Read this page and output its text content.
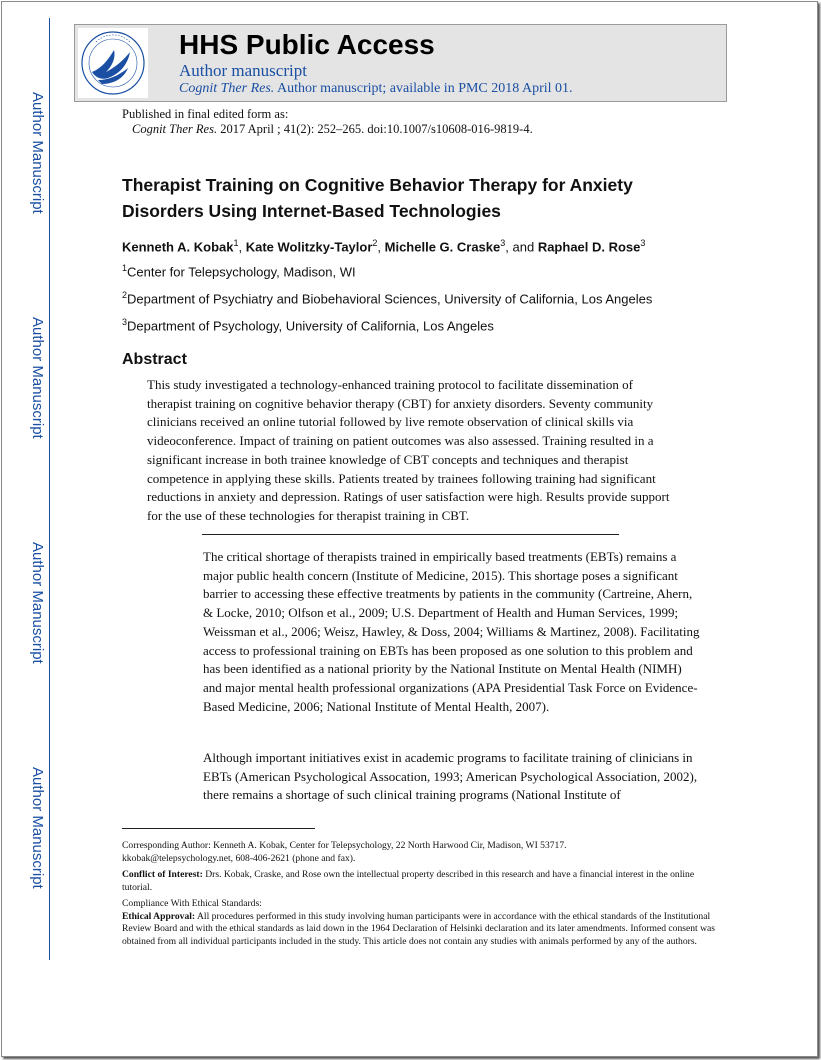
Author Manuscript
Author Manuscript
Author Manuscript
Author Manuscript
HHS Public Access
Author manuscript
Cognit Ther Res. Author manuscript; available in PMC 2018 April 01.
Published in final edited form as:
Cognit Ther Res. 2017 April ; 41(2): 252–265. doi:10.1007/s10608-016-9819-4.
Therapist Training on Cognitive Behavior Therapy for Anxiety Disorders Using Internet-Based Technologies
Kenneth A. Kobak$^1$, Kate Wolitzky-Taylor$^2$, Michelle G. Craske$^3$, and Raphael D. Rose$^3$
$^1$Center for Telepsychology, Madison, WI
$^2$Department of Psychiatry and Biobehavioral Sciences, University of California, Los Angeles
$^3$Department of Psychology, University of California, Los Angeles
Abstract
This study investigated a technology-enhanced training protocol to facilitate dissemination of therapist training on cognitive behavior therapy (CBT) for anxiety disorders. Seventy community clinicians received an online tutorial followed by live remote observation of clinical skills via videoconference. Impact of training on patient outcomes was also assessed. Training resulted in a significant increase in both trainee knowledge of CBT concepts and techniques and therapist competence in applying these skills. Patients treated by trainees following training had significant reductions in anxiety and depression. Ratings of user satisfaction were high. Results provide support for the use of these technologies for therapist training in CBT.

The critical shortage of therapists trained in empirically based treatments (EBTs) remains a major public health concern (Institute of Medicine, 2015). This shortage poses a significant barrier to accessing these effective treatments by patients in the community (Cartreine, Ahern, & Locke, 2010; Olfson et al., 2009; U.S. Department of Health and Human Services, 1999; Weissman et al., 2006; Weisz, Hawley, & Doss, 2004; Williams & Martinez, 2008). Facilitating access to professional training on EBTs has been proposed as one solution to this problem and has been identified as a national priority by the National Institute on Mental Health (NIMH) and major mental health professional organizations (APA Presidential Task Force on Evidence-Based Medicine, 2006; National Institute of Mental Health, 2007).

Although important initiatives exist in academic programs to facilitate training of clinicians in EBTs (American Psychological Assocation, 1993; American Psychological Association, 2002), there remains a shortage of such clinical training programs (National Institute of

Corresponding Author: Kenneth A. Kobak, Center for Telepsychology, 22 North Harwood Cir, Madison, WI 53717.
kkobak@telepsychology.net, 608-406-2621 (phone and fax).

Conflict of Interest: Drs. Kobak, Craske, and Rose own the intellectual property described in this research and have a financial interest in the online tutorial.

Compliance With Ethical Standards:
Ethical Approval: All procedures performed in this study involving human participants were in accordance with the ethical standards of the Institutional Review Board and with the ethical standards as laid down in the 1964 Declaration of Helsinki declaration and its later amendments. Informed consent was obtained from all individual participants included in the study. This article does not contain any studies with animals performed by any of the authors.
